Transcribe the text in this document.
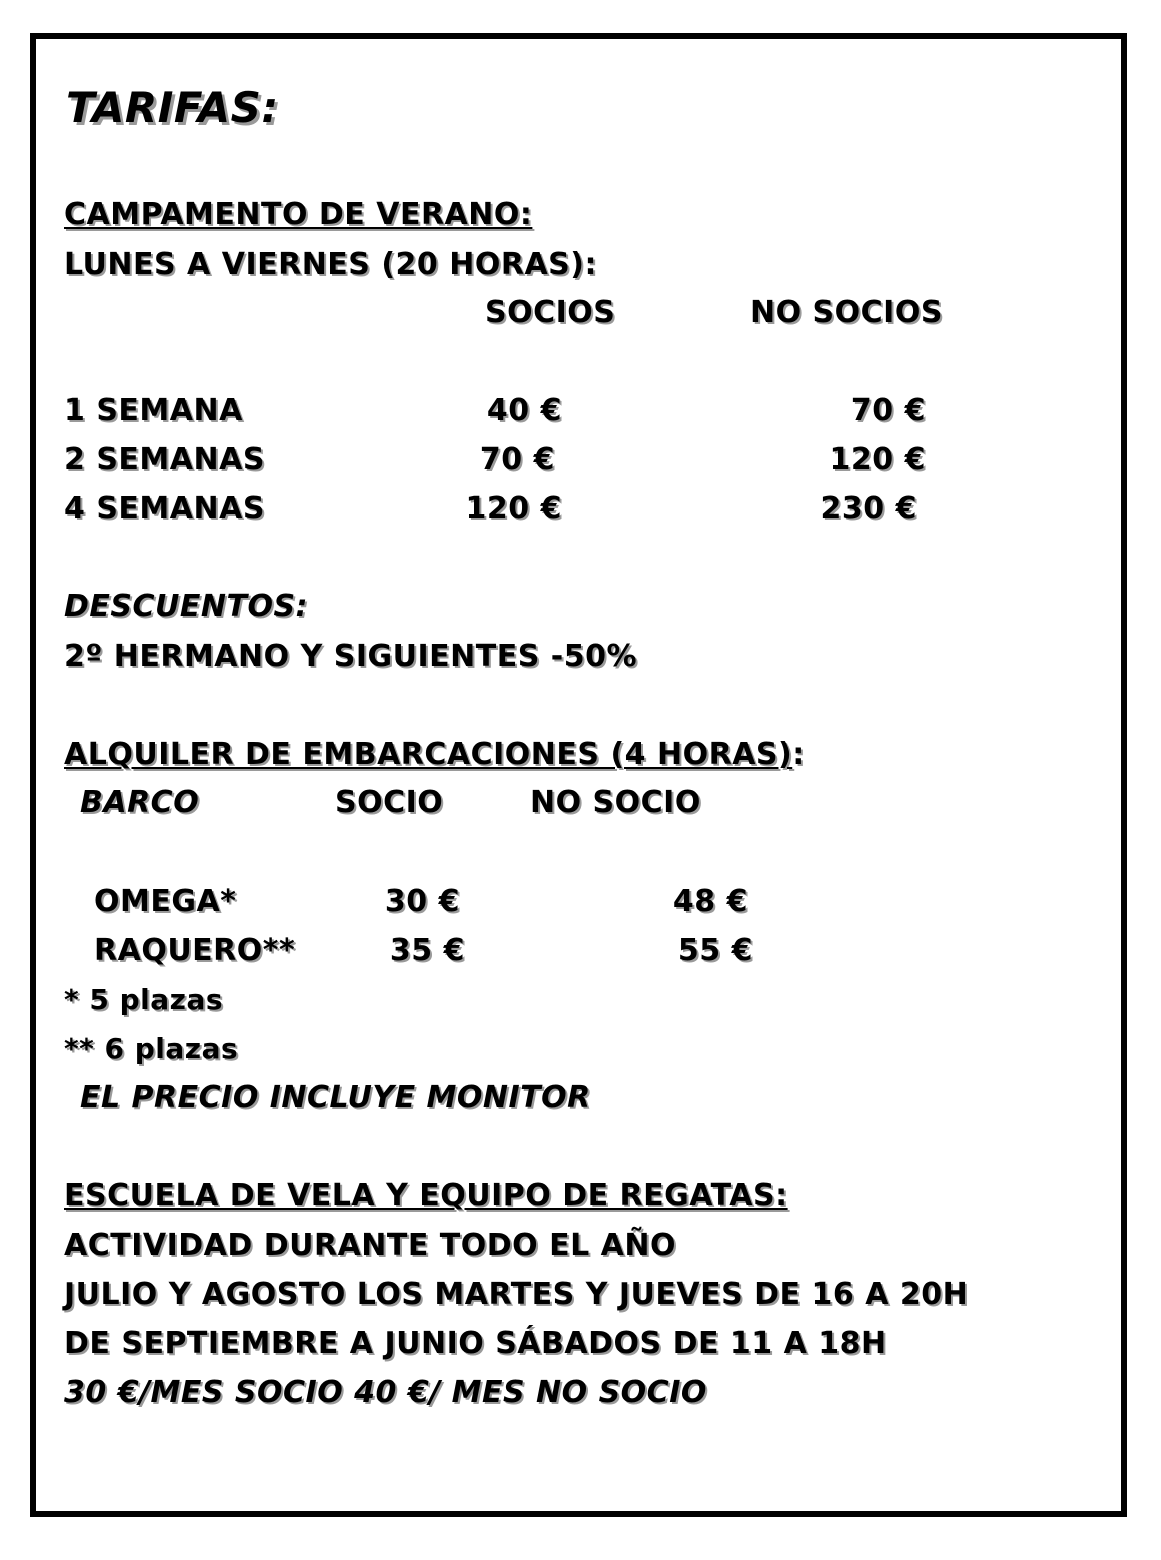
TARIFAS:
CAMPAMENTO DE VERANO:
LUNES A VIERNES (20 HORAS):
SOCIOS	NO SOCIOS
1 SEMANA	40 €	70 €
2 SEMANAS	70 €	120 €
4 SEMANAS	120 €	230 €
DESCUENTOS:
2º HERMANO Y SIGUIENTES -50%
ALQUILER DE EMBARCACIONES (4 HORAS):
BARCO	SOCIO	NO SOCIO
OMEGA*	30 €	48 €
RAQUERO**	35 €	55 €
* 5 plazas
** 6 plazas
EL PRECIO INCLUYE MONITOR
ESCUELA DE VELA Y EQUIPO DE REGATAS:
ACTIVIDAD DURANTE TODO EL AÑO
JULIO Y AGOSTO LOS MARTES Y JUEVES DE 16 A 20H
DE SEPTIEMBRE A JUNIO SÁBADOS DE 11 A 18H
30 €/MES SOCIO 40 €/ MES NO SOCIO
